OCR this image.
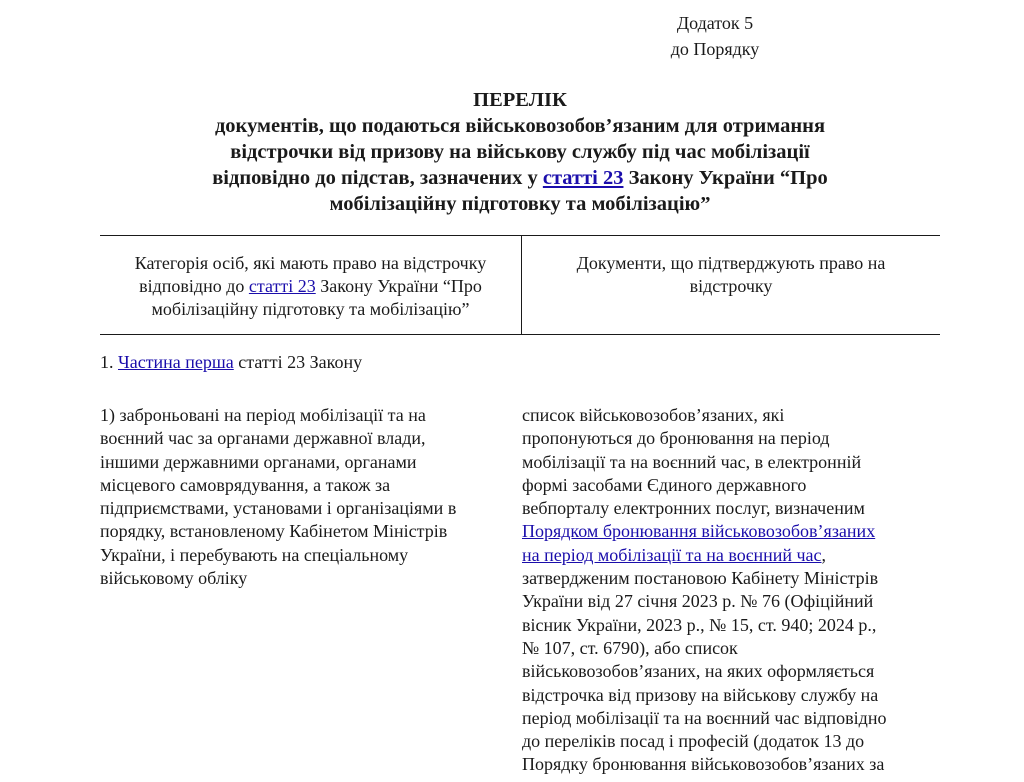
Додаток 5
до Порядку
ПЕРЕЛІК
документів, що подаються військовозобов’язаним для отримання
відстрочки від призову на військову службу під час мобілізації
відповідно до підстав, зазначених у статті 23 Закону України “Про
мобілізаційну підготовку та мобілізацію”
Категорія осіб, які мають право на відстрочку
відповідно до статті 23 Закону України “Про
мобілізаційну підготовку та мобілізацію”
Документи, що підтверджують право на
відстрочку
1. Частина перша статті 23 Закону
1) заброньовані на період мобілізації та на
воєнний час за органами державної влади,
іншими державними органами, органами
місцевого самоврядування, а також за
підприємствами, установами і організаціями в
порядку, встановленому Кабінетом Міністрів
України, і перебувають на спеціальному
військовому обліку
список військовозобов’язаних, які
пропонуються до бронювання на період
мобілізації та на воєнний час, в електронній
формі засобами Єдиного державного
вебпорталу електронних послуг, визначеним
Порядком бронювання військовозобов’язаних
на період мобілізації та на воєнний час,
затвердженим постановою Кабінету Міністрів
України від 27 січня 2023 р. № 76 (Офіційний
вісник України, 2023 р., № 15, ст. 940; 2024 р.,
№ 107, ст. 6790), або список
військовозобов’язаних, на яких оформляється
відстрочка від призову на військову службу на
період мобілізації та на воєнний час відповідно
до переліків посад і професій (додаток 13 до
Порядку бронювання військовозобов’язаних за
